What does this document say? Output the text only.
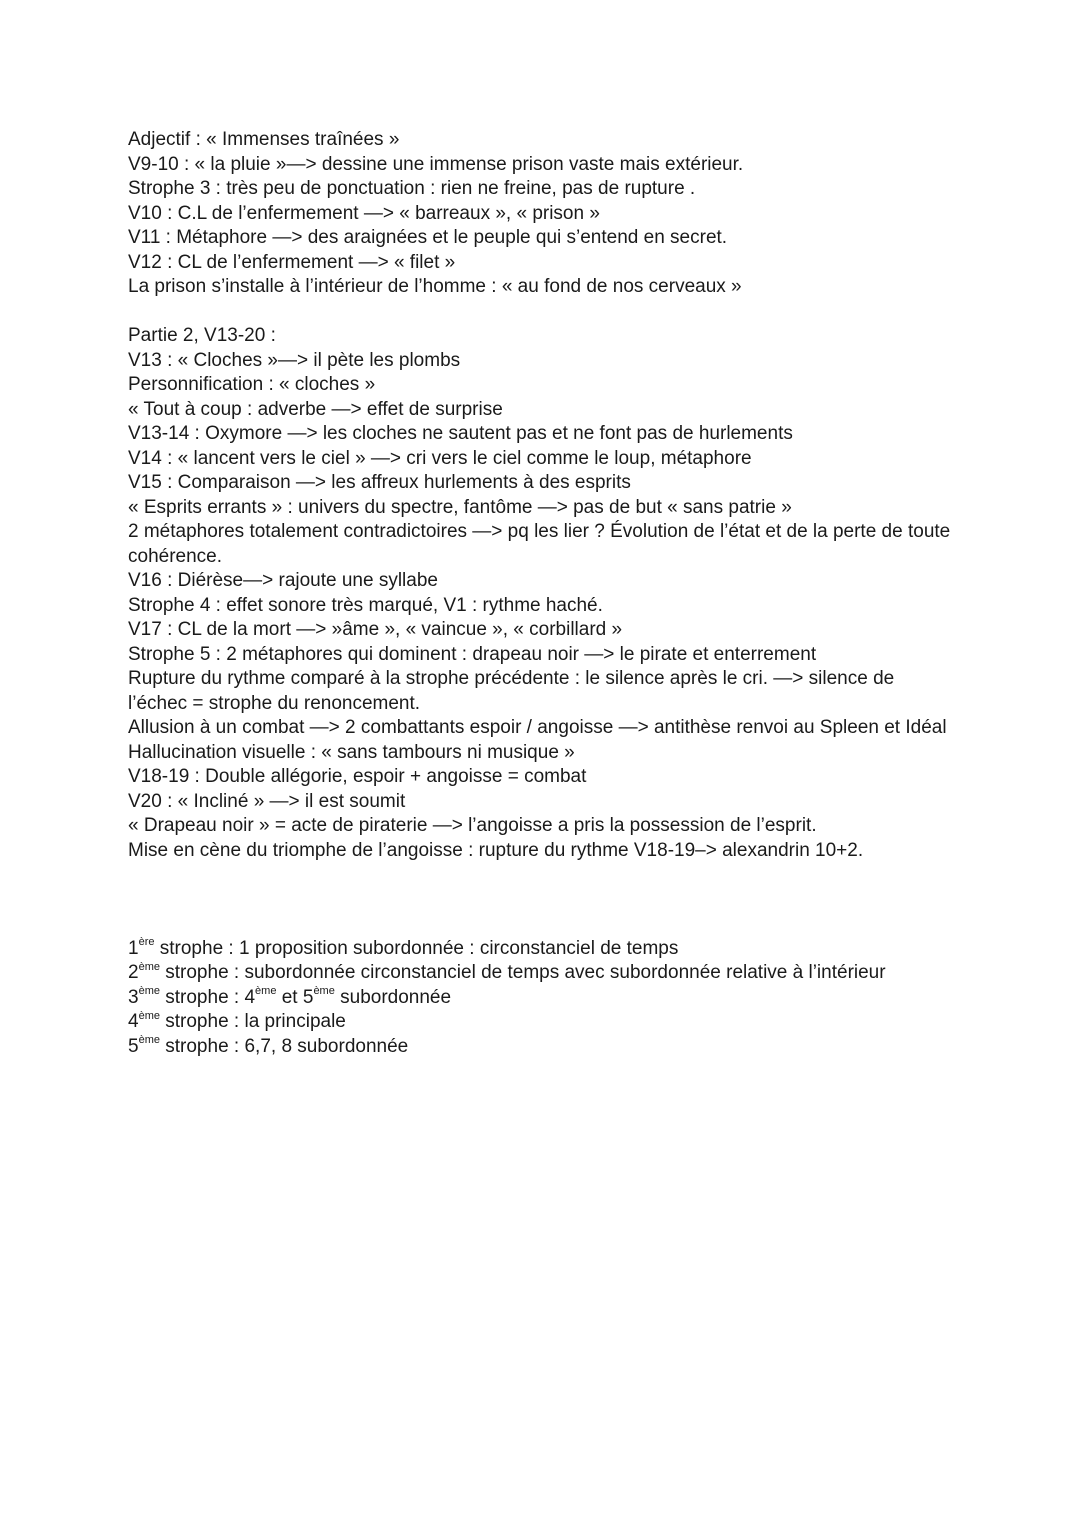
Adjectif : « Immenses traînées »

V9-10 : « la pluie »—> dessine une immense prison vaste mais extérieur.

Strophe 3 : très peu de ponctuation : rien ne freine, pas de rupture .

V10 : C.L de l’enfermement —> « barreaux », « prison »

V11 : Métaphore —> des araignées et le peuple qui s’entend en secret.

V12 : CL de l’enfermement —> « filet »

La prison s’installe à l’intérieur de l’homme : « au fond de nos cerveaux »

Partie 2, V13-20 :

V13 : « Cloches »—> il pète les plombs

Personnification : « cloches »

« Tout à coup : adverbe —> effet de surprise

V13-14 : Oxymore —> les cloches ne sautent pas et ne font pas de hurlements

V14 : « lancent vers le ciel » —> cri vers le ciel comme le loup, métaphore

V15 : Comparaison —> les affreux hurlements à des esprits

« Esprits errants » : univers du spectre, fantôme —> pas de but « sans patrie »

2 métaphores totalement contradictoires —> pq les lier ? Évolution de l’état et de la perte de toute cohérence.

V16 : Diérèse—> rajoute une syllabe

Strophe 4 : effet sonore très marqué, V1 : rythme haché.

V17 : CL de la mort —> »âme », « vaincue », « corbillard »

Strophe 5 : 2 métaphores qui dominent : drapeau noir —> le pirate et enterrement

Rupture du rythme comparé à la strophe précédente : le silence après le cri. —> silence de l’échec = strophe du renoncement.

Allusion à un combat —> 2 combattants espoir / angoisse —> antithèse renvoi au Spleen et Idéal

Hallucination visuelle : « sans tambours ni musique »

V18-19 : Double allégorie, espoir + angoisse = combat

V20 : « Incliné » —> il est soumit

« Drapeau noir » = acte de piraterie —> l’angoisse a pris la possession de l’esprit.

Mise en cène du triomphe de l’angoisse : rupture du rythme V18-19–> alexandrin 10+2.

1ère strophe : 1 proposition subordonnée : circonstanciel de temps

2ème strophe : subordonnée circonstanciel de temps avec subordonnée relative à l’intérieur

3ème strophe : 4ème et 5ème subordonnée

4ème strophe : la principale

5ème strophe : 6,7, 8 subordonnée
